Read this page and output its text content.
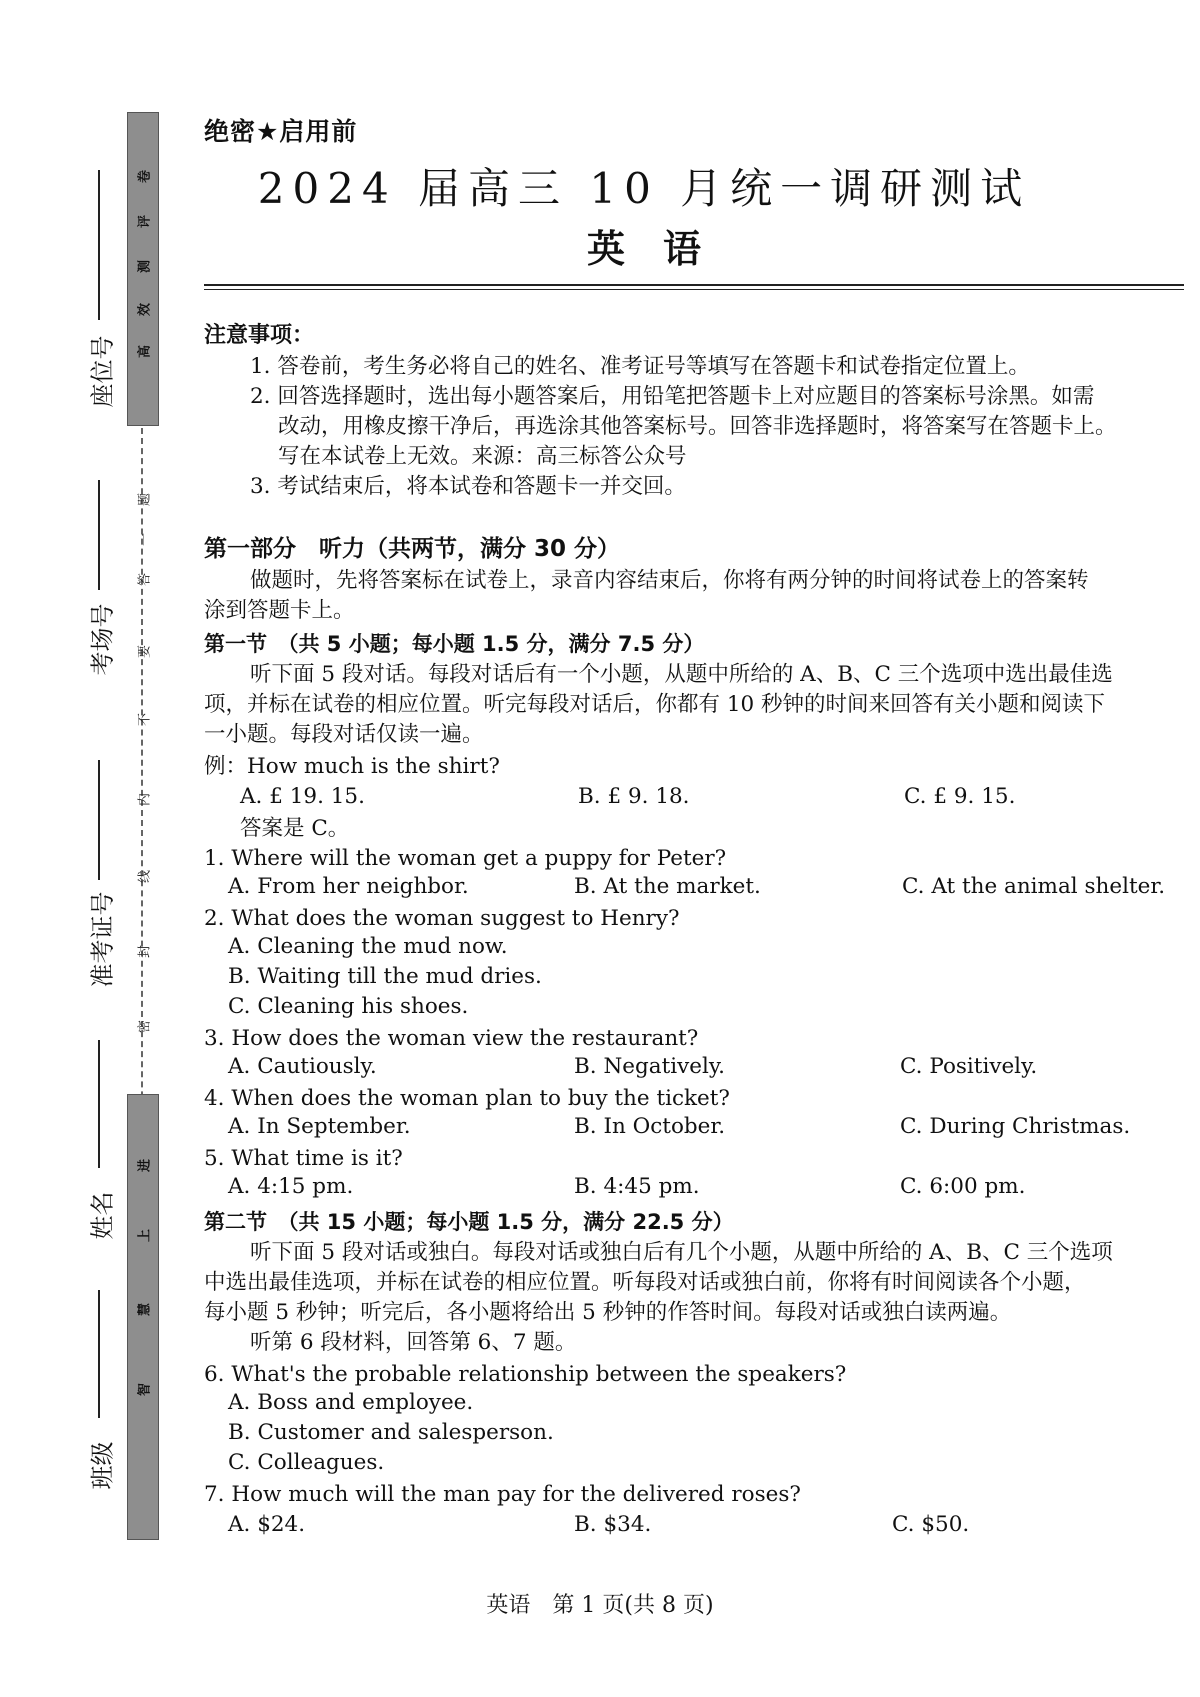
卷
评
测
效
高
题
一
答
要
不
内
线
封
密
进
上
慧
智
座位号
考场号
准考证号
姓名
班级
绝密★启用前
2024 届高三 10 月统一调研测试
英语
注意事项：
1. 答卷前，考生务必将自己的姓名、准考证号等填写在答题卡和试卷指定位置上。
2. 回答选择题时，选出每小题答案后，用铅笔把答题卡上对应题目的答案标号涂黑。如需
改动，用橡皮擦干净后，再选涂其他答案标号。回答非选择题时，将答案写在答题卡上。
写在本试卷上无效。来源：高三标答公众号
3. 考试结束后，将本试卷和答题卡一并交回。
第一部分　听力（共两节，满分 30 分）
做题时，先将答案标在试卷上，录音内容结束后，你将有两分钟的时间将试卷上的答案转
涂到答题卡上。
第一节　（共 5 小题；每小题 1.5 分，满分 7.5 分）
听下面 5 段对话。每段对话后有一个小题，从题中所给的 A、B、C 三个选项中选出最佳选
项，并标在试卷的相应位置。听完每段对话后，你都有 10 秒钟的时间来回答有关小题和阅读下
一小题。每段对话仅读一遍。
例：How much is the shirt?
A. £ 19. 15.	B. £ 9. 18.	C. £ 9. 15.
答案是 C。
1. Where will the woman get a puppy for Peter?
A. From her neighbor.	B. At the market.	C. At the animal shelter.
2. What does the woman suggest to Henry?
A. Cleaning the mud now.
B. Waiting till the mud dries.
C. Cleaning his shoes.
3. How does the woman view the restaurant?
A. Cautiously.	B. Negatively.	C. Positively.
4. When does the woman plan to buy the ticket?
A. In September.	B. In October.	C. During Christmas.
5. What time is it?
A. 4:15 pm.	B. 4:45 pm.	C. 6:00 pm.
第二节　（共 15 小题；每小题 1.5 分，满分 22.5 分）
听下面 5 段对话或独白。每段对话或独白后有几个小题，从题中所给的 A、B、C 三个选项
中选出最佳选项，并标在试卷的相应位置。听每段对话或独白前，你将有时间阅读各个小题，
每小题 5 秒钟；听完后，各小题将给出 5 秒钟的作答时间。每段对话或独白读两遍。
听第 6 段材料，回答第 6、7 题。
6. What's the probable relationship between the speakers?
A. Boss and employee.
B. Customer and salesperson.
C. Colleagues.
7. How much will the man pay for the delivered roses?
A. $24.	B. $34.	C. $50.
英语　第 1 页(共 8 页)
